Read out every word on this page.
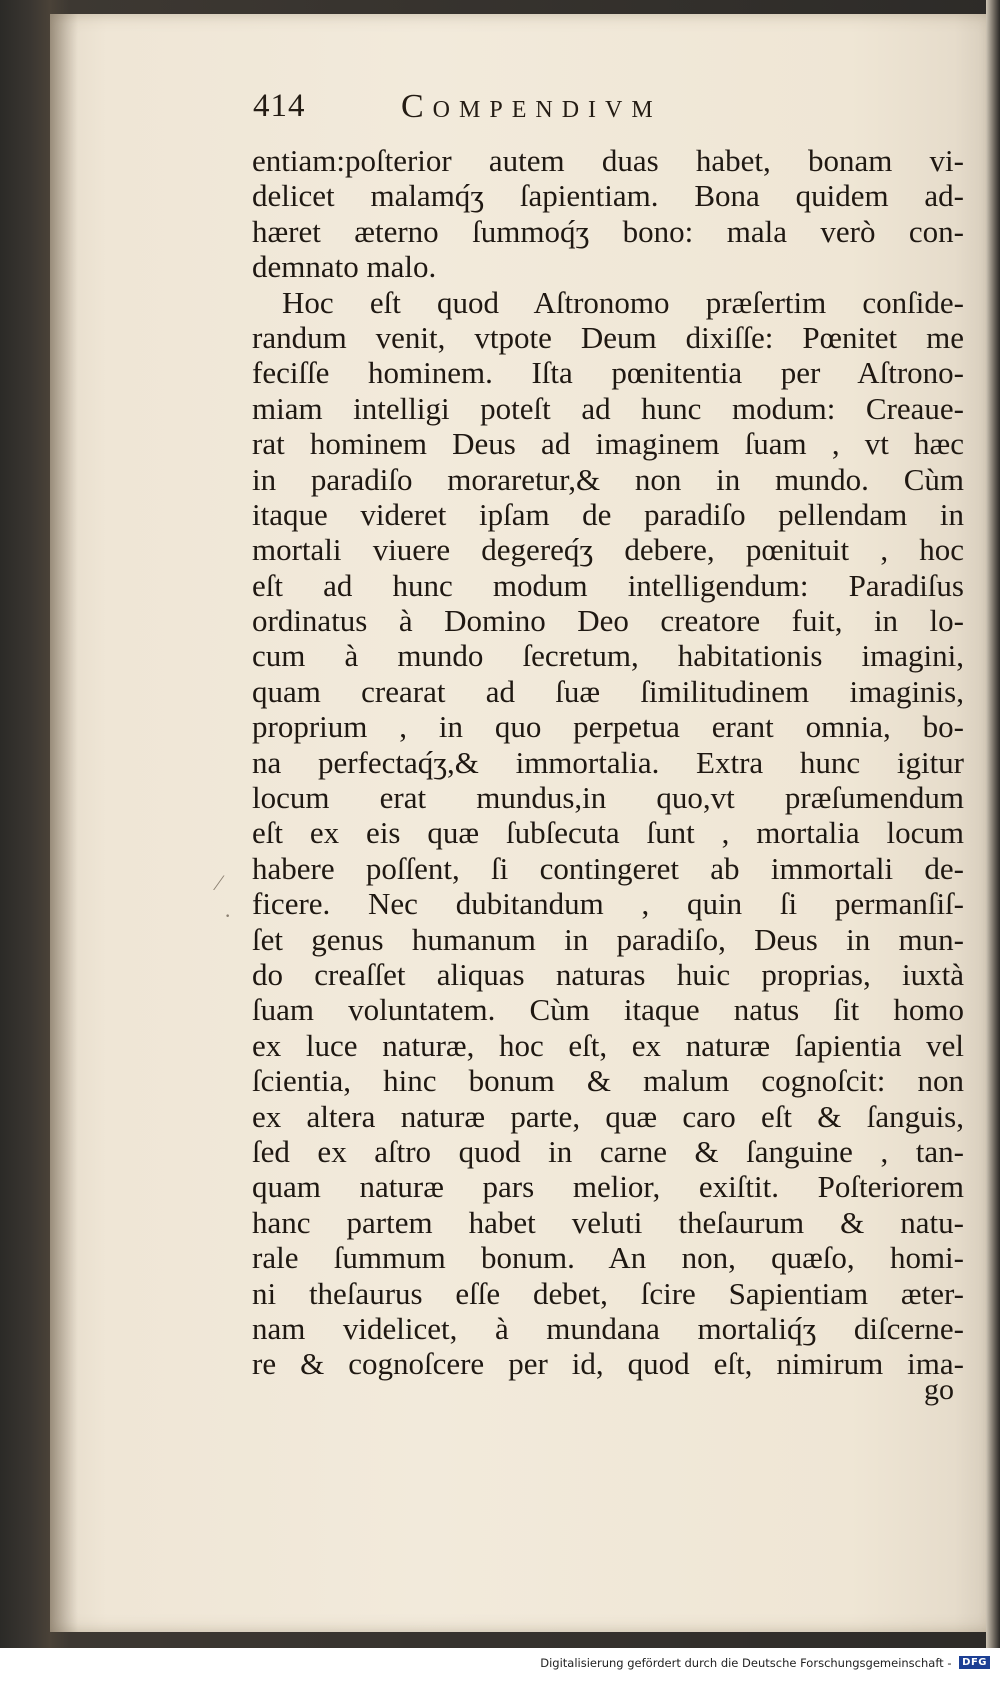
414	Compendivm
entiam:poſterior autem duas habet, bonam vi-
delicet malamq́ʒ ſapientiam. Bona quidem ad-
hæret æterno ſummoq́ʒ bono: mala verò con-
demnato malo.
Hoc eſt quod Aſtronomo præſertim conſide-
randum venit, vtpote Deum dixiſſe: Pœnitet me
feciſſe hominem. Iſta pœnitentia per Aſtrono-
miam intelligi poteſt ad hunc modum: Creaue-
rat hominem Deus ad imaginem ſuam , vt hæc
in paradiſo moraretur,& non in mundo. Cùm
itaque videret ipſam de paradiſo pellendam in
mortali viuere degereq́ʒ debere, pœnituit , hoc
eſt ad hunc modum intelligendum: Paradiſus
ordinatus à Domino Deo creatore fuit, in lo-
cum à mundo ſecretum, habitationis imagini,
quam crearat ad ſuæ ſimilitudinem imaginis,
proprium , in quo perpetua erant omnia, bo-
na perfectaq́ʒ,& immortalia. Extra hunc igitur
locum erat mundus,in quo,vt præſumendum
eſt ex eis quæ ſubſecuta ſunt , mortalia locum
habere poſſent, ſi contingeret ab immortali de-
ficere. Nec dubitandum , quin ſi permanſiſ-
ſet genus humanum in paradiſo, Deus in mun-
do creaſſet aliquas naturas huic proprias, iuxtà
ſuam voluntatem. Cùm itaque natus ſit homo
ex luce naturæ, hoc eſt, ex naturæ ſapientia vel
ſcientia, hinc bonum & malum cognoſcit: non
ex altera naturæ parte, quæ caro eſt & ſanguis,
ſed ex aſtro quod in carne & ſanguine , tan-
quam naturæ pars melior, exiſtit. Poſteriorem
hanc partem habet veluti theſaurum & natu-
rale ſummum bonum. An non, quæſo, homi-
ni theſaurus eſſe debet, ſcire Sapientiam æter-
nam videlicet, à mundana mortaliq́ʒ diſcerne-
re & cognoſcere per id, quod eſt, nimirum ima-
go
⁄
·
Digitalisierung gefördert durch die Deutsche Forschungsgemeinschaft - DFG
